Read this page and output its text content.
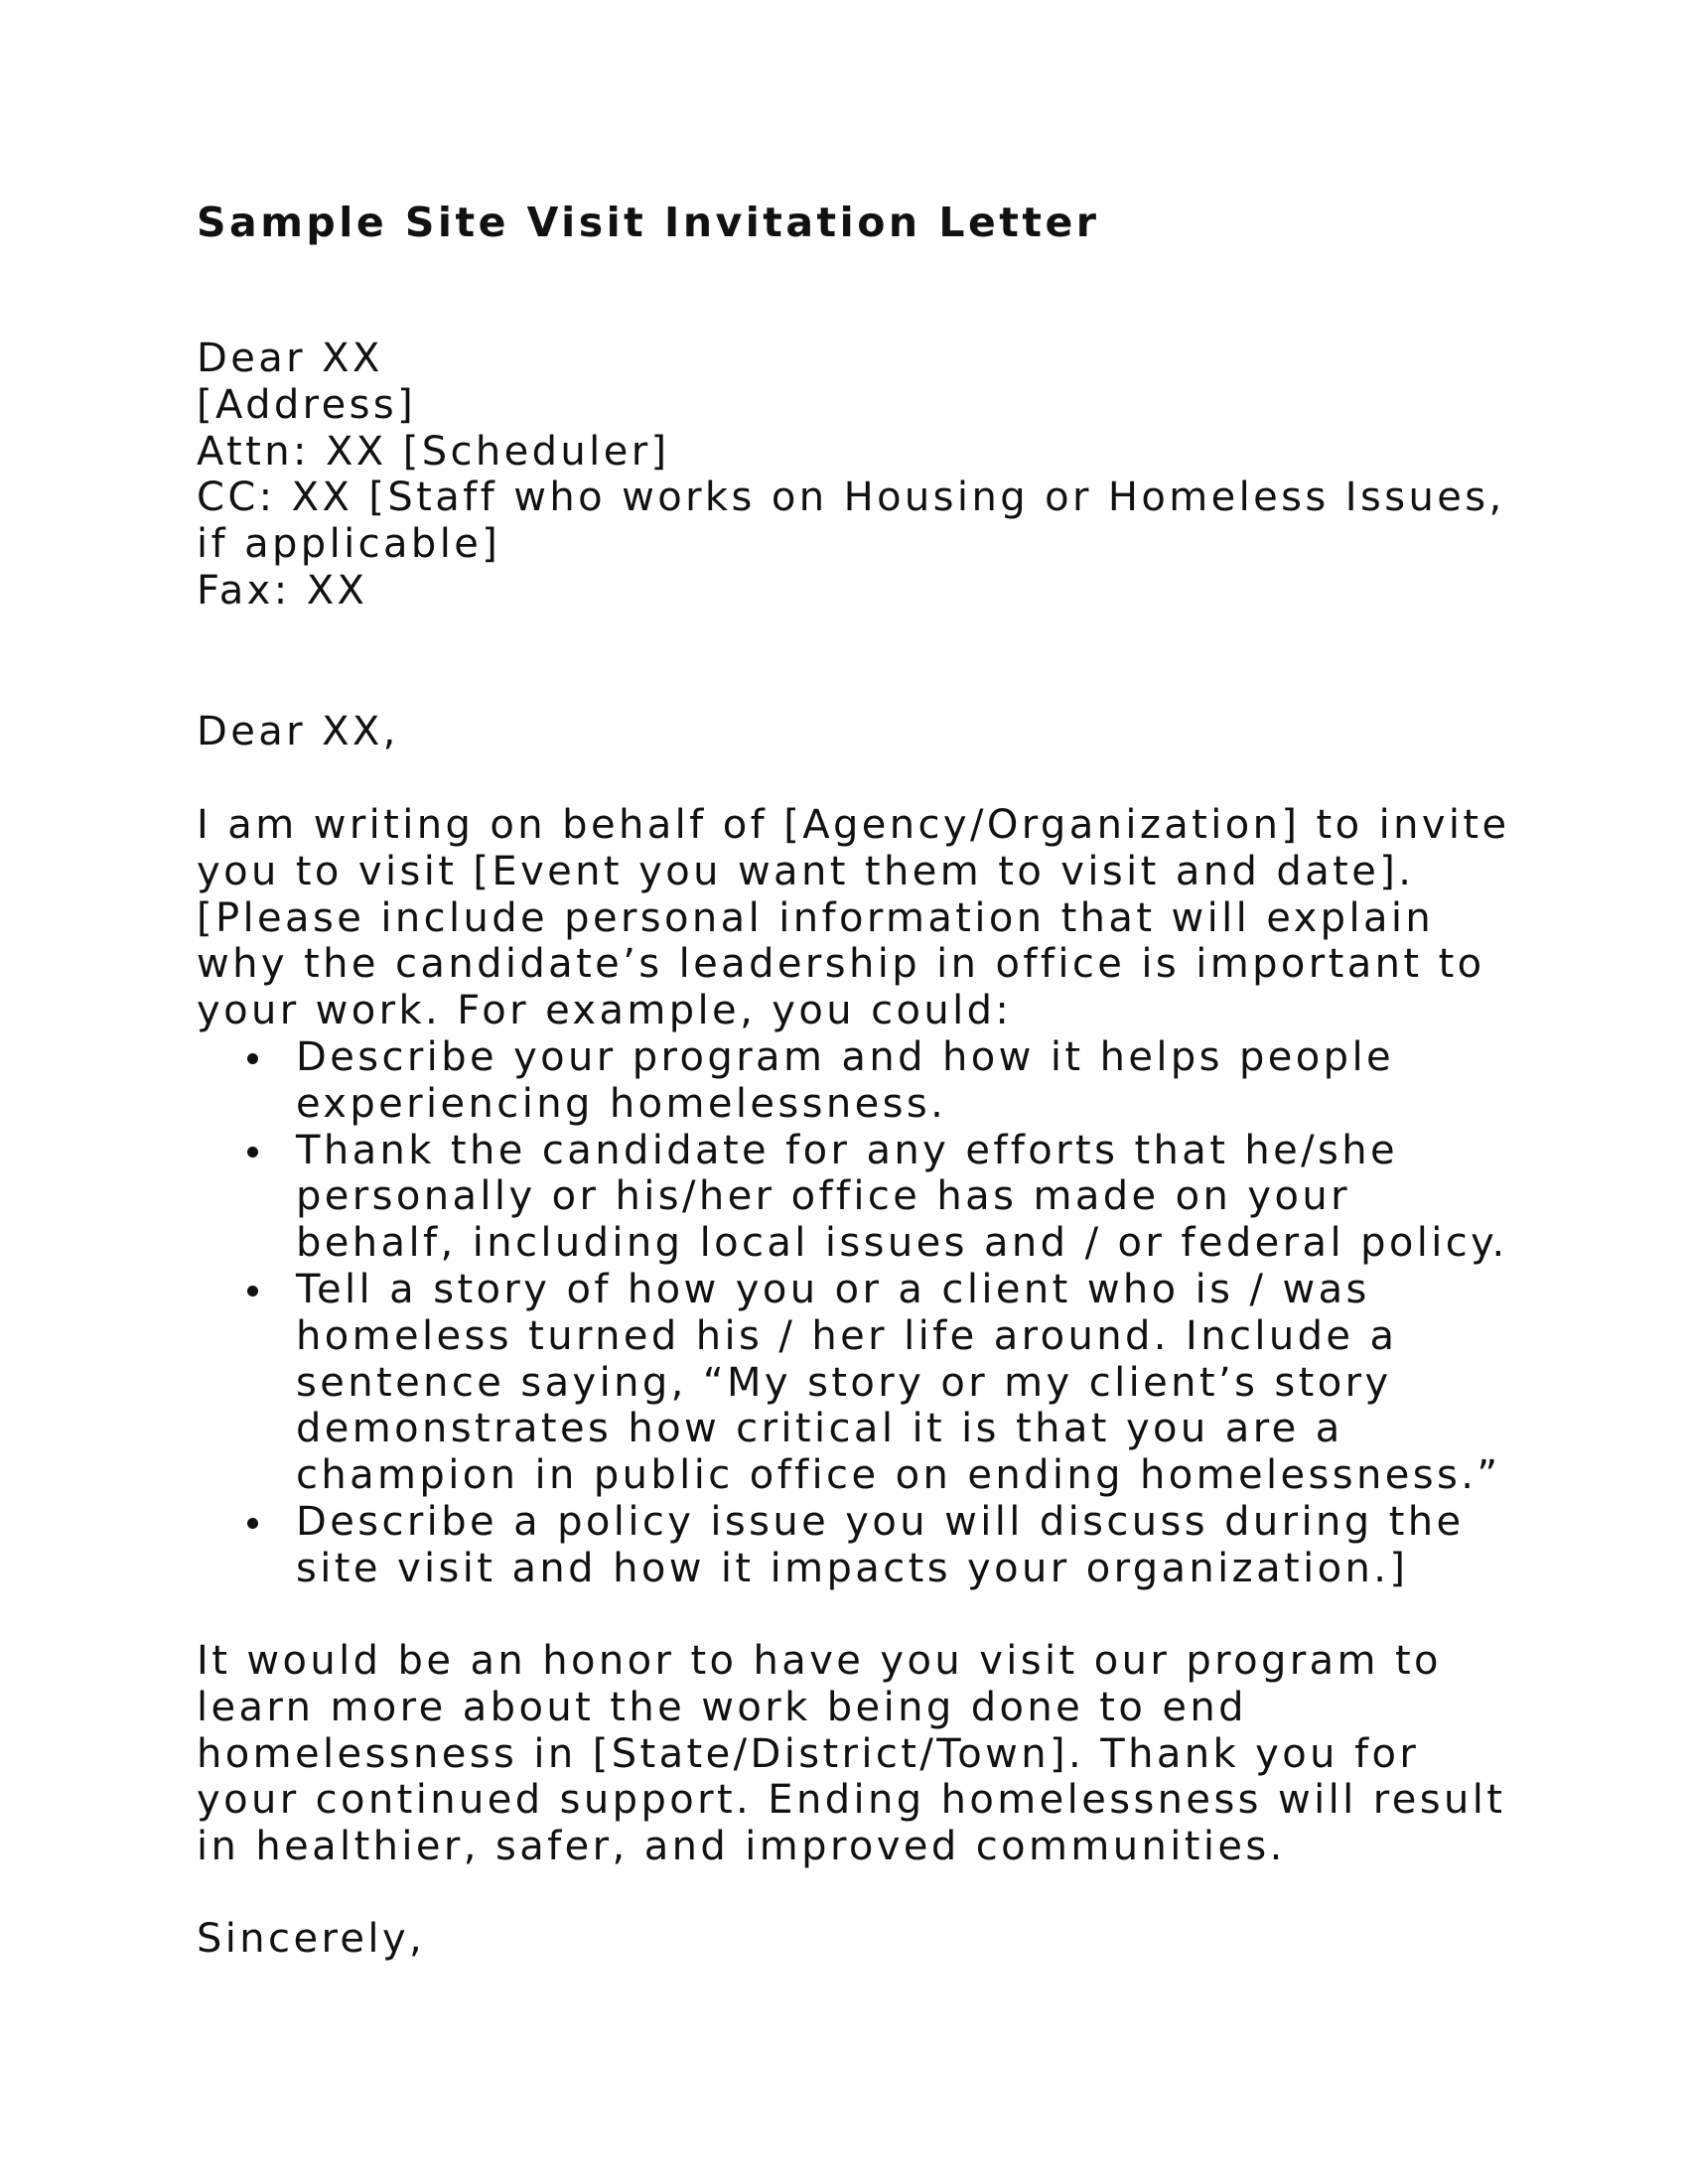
Sample Site Visit Invitation Letter
Dear XX
[Address]
Attn: XX [Scheduler]
CC: XX [Staff who works on Housing or Homeless Issues,
if applicable]
Fax: XX
Dear XX,
I am writing on behalf of [Agency/Organization] to invite
you to visit [Event you want them to visit and date].
[Please include personal information that will explain
why the candidate’s leadership in office is important to
your work. For example, you could:
Describe your program and how it helps people
experiencing homelessness.
Thank the candidate for any efforts that he/she
personally or his/her office has made on your
behalf, including local issues and / or federal policy.
Tell a story of how you or a client who is / was
homeless turned his / her life around. Include a
sentence saying, “My story or my client’s story
demonstrates how critical it is that you are a
champion in public office on ending homelessness.”
Describe a policy issue you will discuss during the
site visit and how it impacts your organization.]
It would be an honor to have you visit our program to
learn more about the work being done to end
homelessness in [State/District/Town]. Thank you for
your continued support. Ending homelessness will result
in healthier, safer, and improved communities.
Sincerely,
